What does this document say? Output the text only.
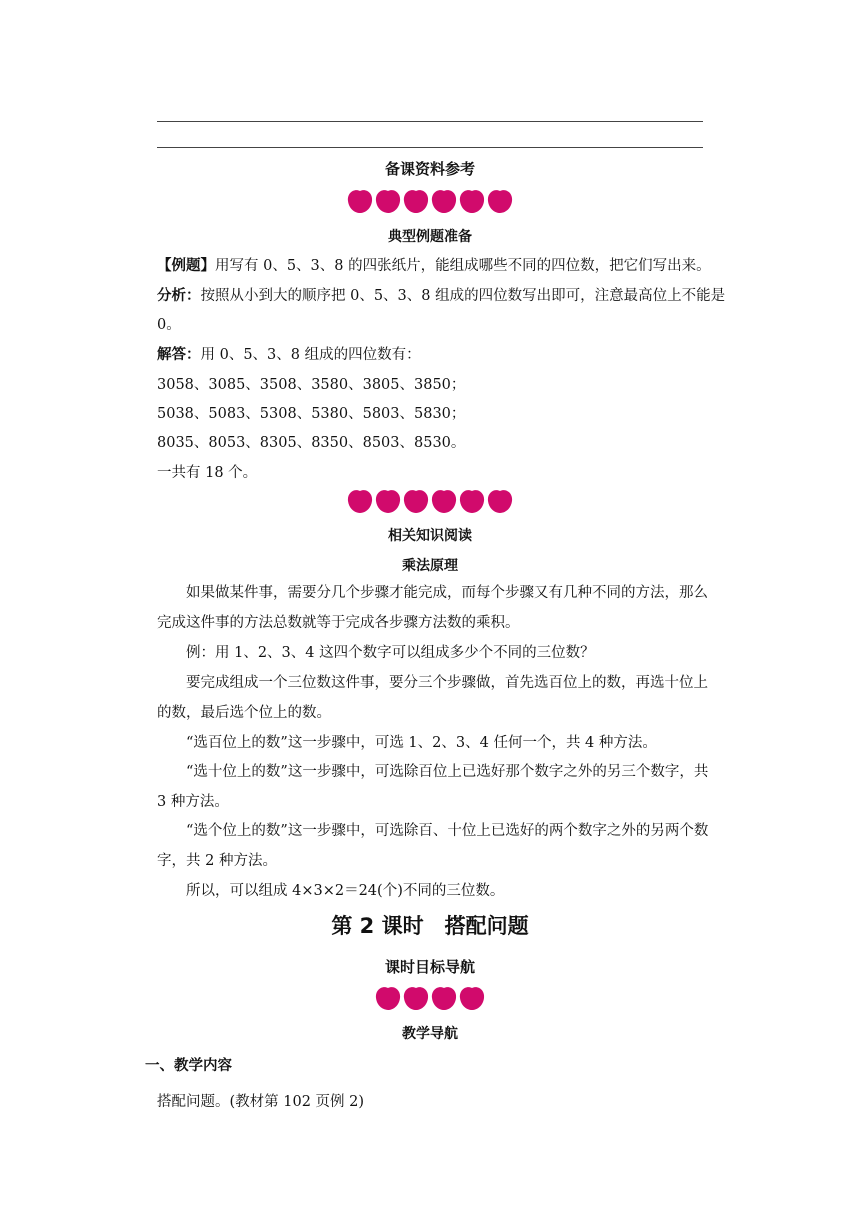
备课资料参考
典型例题准备
【例题】用写有 0、5、3、8 的四张纸片，能组成哪些不同的四位数，把它们写出来。
分析：按照从小到大的顺序把 0、5、3、8 组成的四位数写出即可，注意最高位上不能是
0。
解答：用 0、5、3、8 组成的四位数有：
3058、3085、3508、3580、3805、3850；
5038、5083、5308、5380、5803、5830；
8035、8053、8305、8350、8503、8530。
一共有 18 个。
相关知识阅读
乘法原理
如果做某件事，需要分几个步骤才能完成，而每个步骤又有几种不同的方法，那么完成这件事的方法总数就等于完成各步骤方法数的乘积。
例：用 1、2、3、4 这四个数字可以组成多少个不同的三位数？
要完成组成一个三位数这件事，要分三个步骤做，首先选百位上的数，再选十位上的数，最后选个位上的数。
“选百位上的数”这一步骤中，可选 1、2、3、4 任何一个，共 4 种方法。
“选十位上的数”这一步骤中，可选除百位上已选好那个数字之外的另三个数字，共 3 种方法。
“选个位上的数”这一步骤中，可选除百、十位上已选好的两个数字之外的另两个数字，共 2 种方法。
所以，可以组成 4×3×2＝24(个)不同的三位数。
第 2 课时　搭配问题
课时目标导航
教学导航
一、教学内容
搭配问题。(教材第 102 页例 2)
